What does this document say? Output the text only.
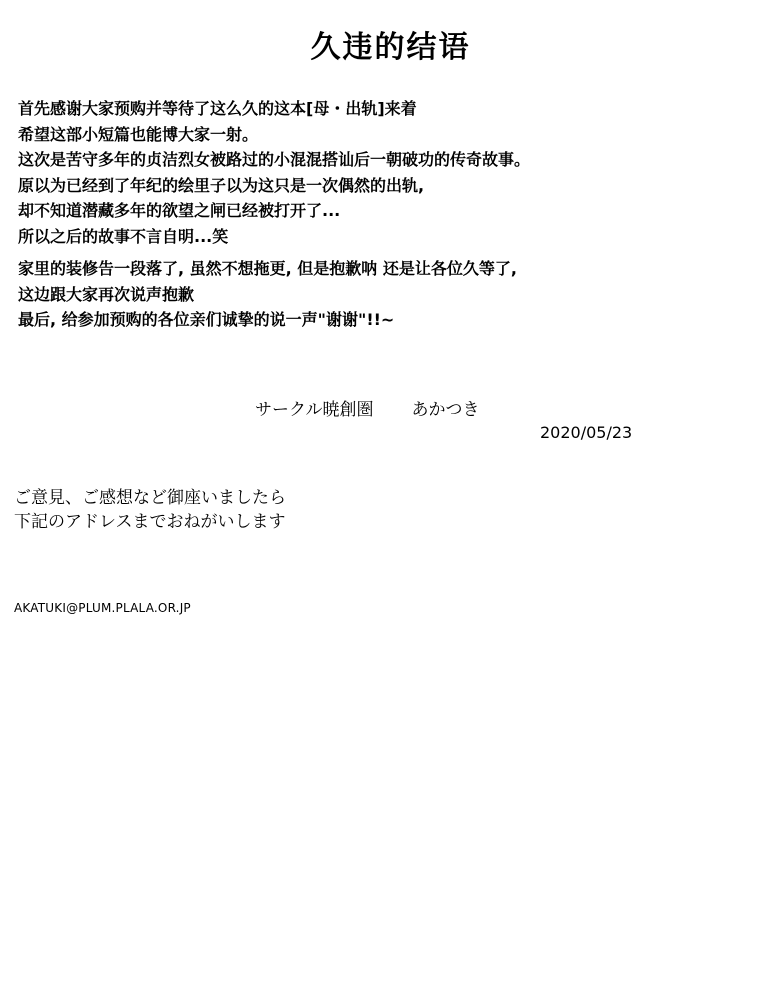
久违的结语

首先感谢大家预购并等待了这么久的这本[母・出轨]来着

希望这部小短篇也能博大家一射。

这次是苦守多年的贞洁烈女被路过的小混混搭讪后一朝破功的传奇故事。

原以为已经到了年纪的绘里子以为这只是一次偶然的出轨,

却不知道潜藏多年的欲望之闸已经被打开了...

所以之后的故事不言自明...笑

家里的装修告一段落了, 虽然不想拖更, 但是抱歉呐 还是让各位久等了,

这边跟大家再次说声抱歉

最后, 给参加预购的各位亲们诚挚的说一声"谢谢"!!~

サークル暁創圏 あかつき
2020/05/23

ご意見、ご感想など御座いましたら

下記のアドレスまでおねがいします

AKATUKI@PLUM.PLALA.OR.JP
